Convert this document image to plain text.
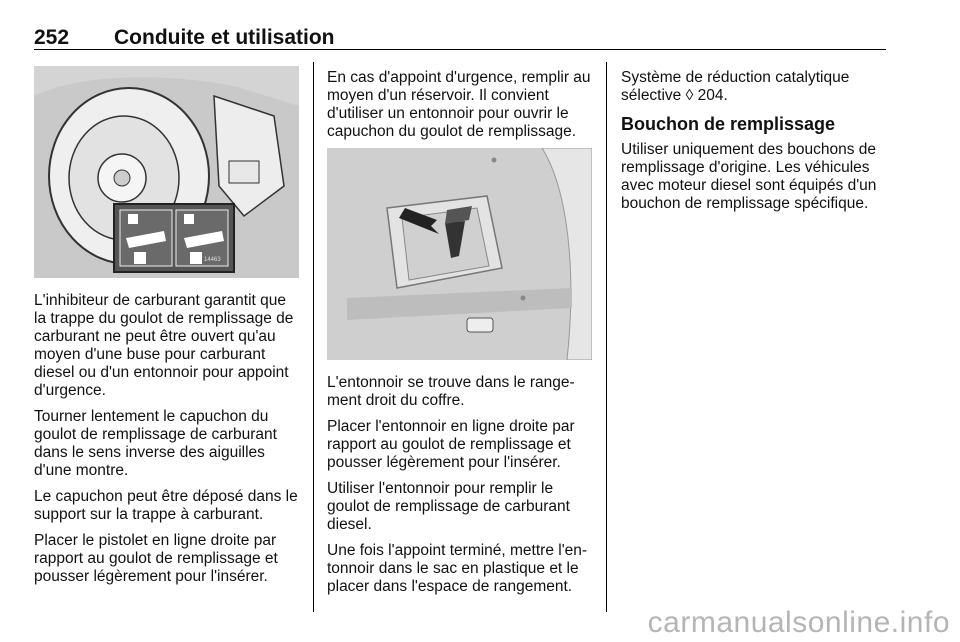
252 Conduite et utilisation
14463

L'inhibiteur de carburant garantit que la trappe du goulot de remplissage de carburant ne peut être ouvert qu'au moyen d'une buse pour carburant diesel ou d'un entonnoir pour appoint d'urgence.

Tourner lentement le capuchon du goulot de remplissage de carburant dans le sens inverse des aiguilles d'une montre.

Le capuchon peut être déposé dans le support sur la trappe à carburant.

Placer le pistolet en ligne droite par rapport au goulot de remplissage et pousser légèrement pour l'insérer.

En cas d'appoint d'urgence, remplir au moyen d'un réservoir. Il convient d'utiliser un entonnoir pour ouvrir le capuchon du goulot de remplissage.

L'entonnoir se trouve dans le range-ment droit du coffre.

Placer l'entonnoir en ligne droite par rapport au goulot de remplissage et pousser légèrement pour l'insérer.

Utiliser l'entonnoir pour remplir le goulot de remplissage de carburant diesel.

Une fois l'appoint terminé, mettre l'en-tonnoir dans le sac en plastique et le placer dans l'espace de rangement.

Système de réduction catalytique sélective ◊ 204.

Bouchon de remplissage

Utiliser uniquement des bouchons de remplissage d'origine. Les véhicules avec moteur diesel sont équipés d'un bouchon de remplissage spécifique.

carmanualsonline.info
